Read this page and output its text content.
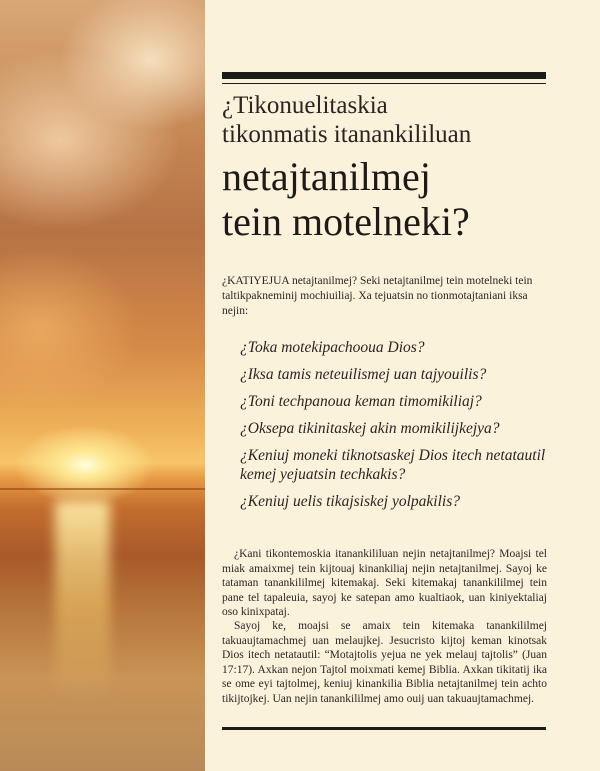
¿Tikonuelitaskia
tikonmatis itanankililuan
netajtanilmej
tein motelneki?

¿KATIYEJUA netajtanilmej? Seki netajtanilmej tein motelneki tein taltikpakneminij mochiuiliaj. Xa tejuatsin no tionmotajtaniani iksa nejin:

¿Toka motekipachooua Dios?
¿Iksa tamis neteuilismej uan tajyouilis?
¿Toni techpanoua keman timomikiliaj?
¿Oksepa tikinitaskej akin momikilijkejya?
¿Keniuj moneki tiknotsaskej Dios itech netatautil kemej yejuatsin techkakis?
¿Keniuj uelis tikajsiskej yolpakilis?

¿Kani tikontemoskia itanankililuan nejin netajtanilmej? Moajsi tel miak amaixmej tein kijtouaj kinankiliaj nejin netajtanilmej. Sayoj ke tataman tanankililmej kitemakaj. Seki kitemakaj tanankililmej tein pane tel tapaleuia, sayoj ke satepan amo kualtiaok, uan kiniyektaliaj oso kinixpataj.

Sayoj ke, moajsi se amaix tein kitemaka tanankililmej takuaujtamachmej uan melaujkej. Jesucristo kijtoj keman kinotsak Dios itech netatautil: “Motajtolis yejua ne yek melauj tajtolis” (Juan 17:17). Axkan nejon Tajtol moixmati kemej Biblia. Axkan tikitatij ika se ome eyi tajtolmej, keniuj kinankilia Biblia netajtanilmej tein achto tikijtojkej. Uan nejin tanankililmej amo ouij uan takuaujtamachmej.
